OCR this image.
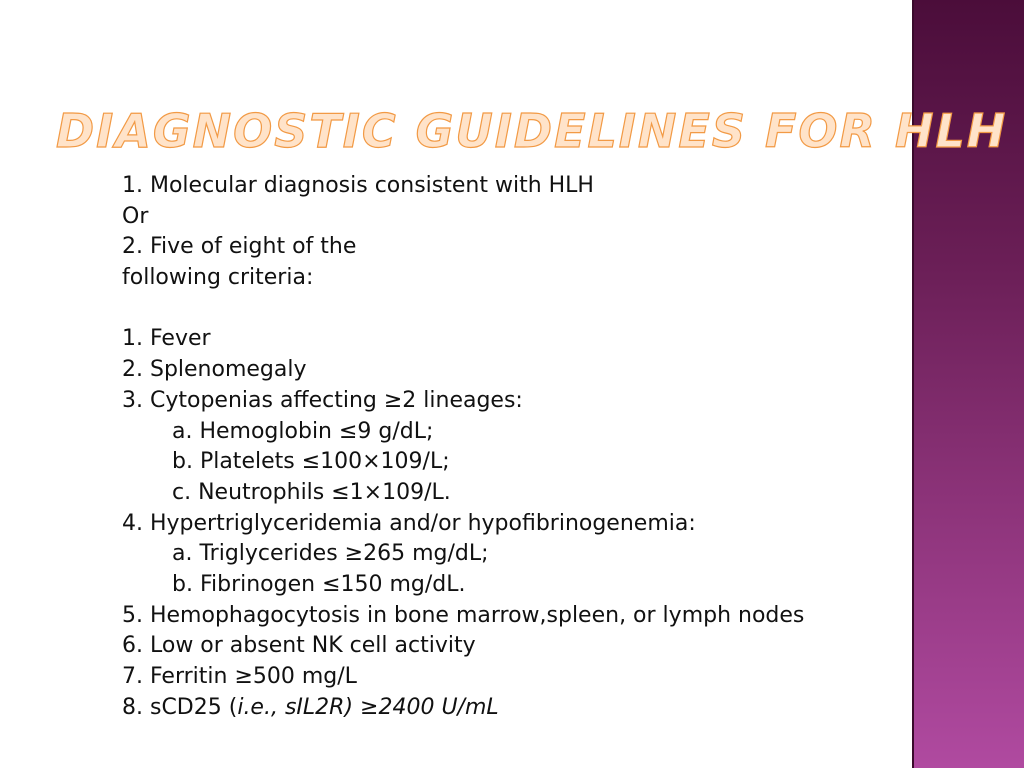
DIAGNOSTIC GUIDELINES FOR HLH
1. Molecular diagnosis consistent with HLH
Or
2. Five of eight of the
following criteria:
1. Fever
2. Splenomegaly
3. Cytopenias affecting ≥2 lineages:
a. Hemoglobin ≤9 g/dL;
b. Platelets ≤100×109/L;
c. Neutrophils ≤1×109/L.
4. Hypertriglyceridemia and/or hypofibrinogenemia:
a. Triglycerides ≥265 mg/dL;
b. Fibrinogen ≤150 mg/dL.
5. Hemophagocytosis in bone marrow,spleen, or lymph nodes
6. Low or absent NK cell activity
7. Ferritin ≥500 mg/L
8. sCD25 (i.e., sIL2R) ≥2400 U/mL
